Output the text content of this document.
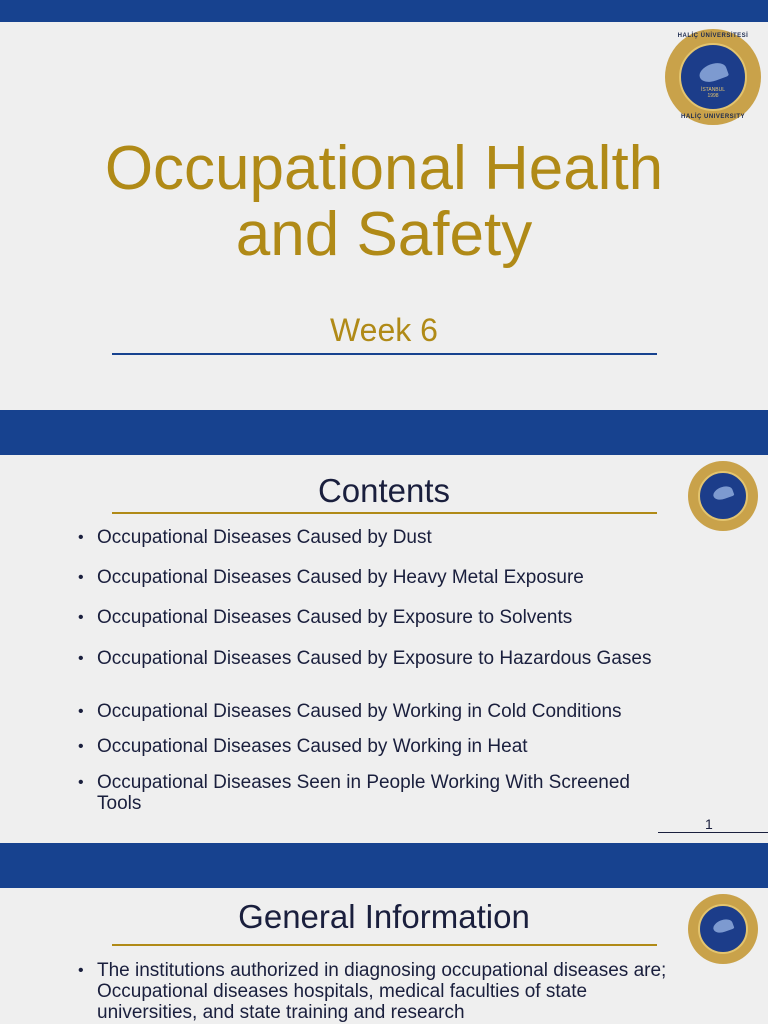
İSTANBUL
1998
HALİÇ ÜNİVERSİTESİ
HALİÇ UNIVERSITY
Occupational Health
and Safety
Week 6
Contents
• Occupational Diseases Caused by Dust
• Occupational Diseases Caused by Heavy Metal Exposure
• Occupational Diseases Caused by Exposure to Solvents
• Occupational Diseases Caused by Exposure to Hazardous Gases
• Occupational Diseases Caused by Working in Cold Conditions
• Occupational Diseases Caused by Working in Heat
• Occupational Diseases Seen in People Working With Screened Tools
1
General Information
• The institutions authorized in diagnosing occupational diseases are; Occupational diseases hospitals, medical faculties of state universities, and state training and research
